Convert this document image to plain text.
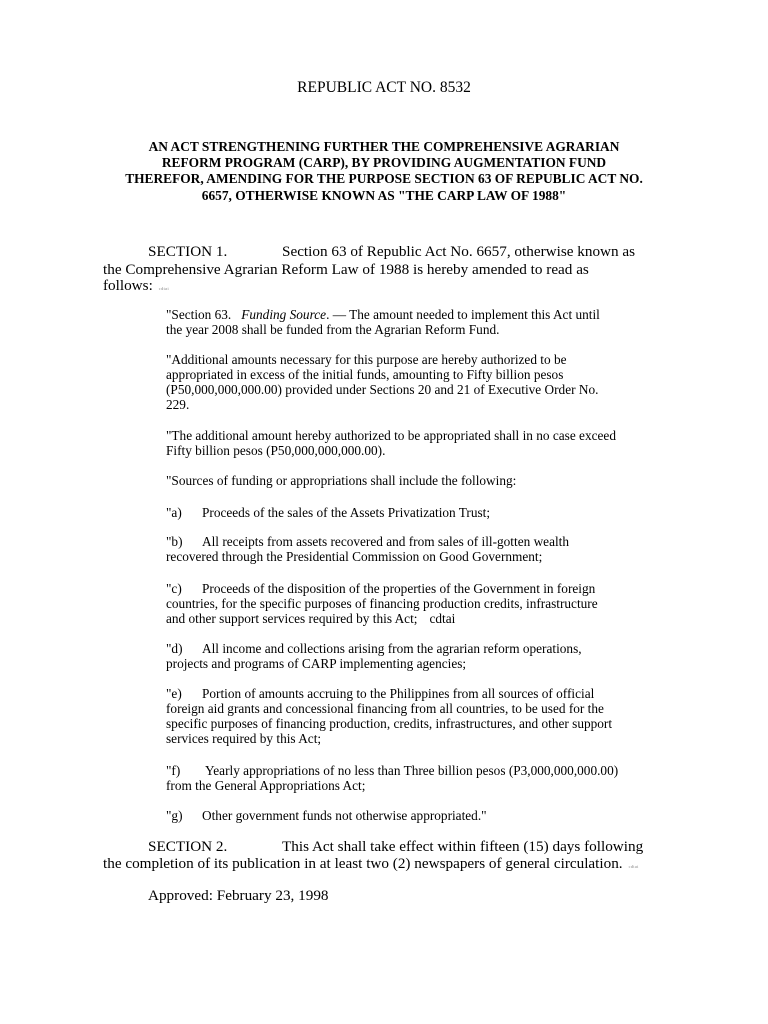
REPUBLIC ACT NO. 8532
AN ACT STRENGTHENING FURTHER THE COMPREHENSIVE AGRARIAN
REFORM PROGRAM (CARP), BY PROVIDING AUGMENTATION FUND
THEREFOR, AMENDING FOR THE PURPOSE SECTION 63 OF REPUBLIC ACT NO.
6657, OTHERWISE KNOWN AS "THE CARP LAW OF 1988"
SECTION 1.	Section 63 of Republic Act No. 6657, otherwise known as
the Comprehensive Agrarian Reform Law of 1988 is hereby amended to read as
follows: cdtai
"Section 63. Funding Source. — The amount needed to implement this Act until
the year 2008 shall be funded from the Agrarian Reform Fund.
"Additional amounts necessary for this purpose are hereby authorized to be
appropriated in excess of the initial funds, amounting to Fifty billion pesos
(P50,000,000,000.00) provided under Sections 20 and 21 of Executive Order No.
229.
"The additional amount hereby authorized to be appropriated shall in no case exceed
Fifty billion pesos (P50,000,000,000.00).
"Sources of funding or appropriations shall include the following:
"a) Proceeds of the sales of the Assets Privatization Trust;
"b) All receipts from assets recovered and from sales of ill-gotten wealth
recovered through the Presidential Commission on Good Government;
"c) Proceeds of the disposition of the properties of the Government in foreign
countries, for the specific purposes of financing production credits, infrastructure
and other support services required by this Act; cdtai
"d) All income and collections arising from the agrarian reform operations,
projects and programs of CARP implementing agencies;
"e) Portion of amounts accruing to the Philippines from all sources of official
foreign aid grants and concessional financing from all countries, to be used for the
specific purposes of financing production, credits, infrastructures, and other support
services required by this Act;
"f) Yearly appropriations of no less than Three billion pesos (P3,000,000,000.00)
from the General Appropriations Act;
"g) Other government funds not otherwise appropriated."
SECTION 2.	This Act shall take effect within fifteen (15) days following
the completion of its publication in at least two (2) newspapers of general circulation. cdtai
Approved: February 23, 1998
